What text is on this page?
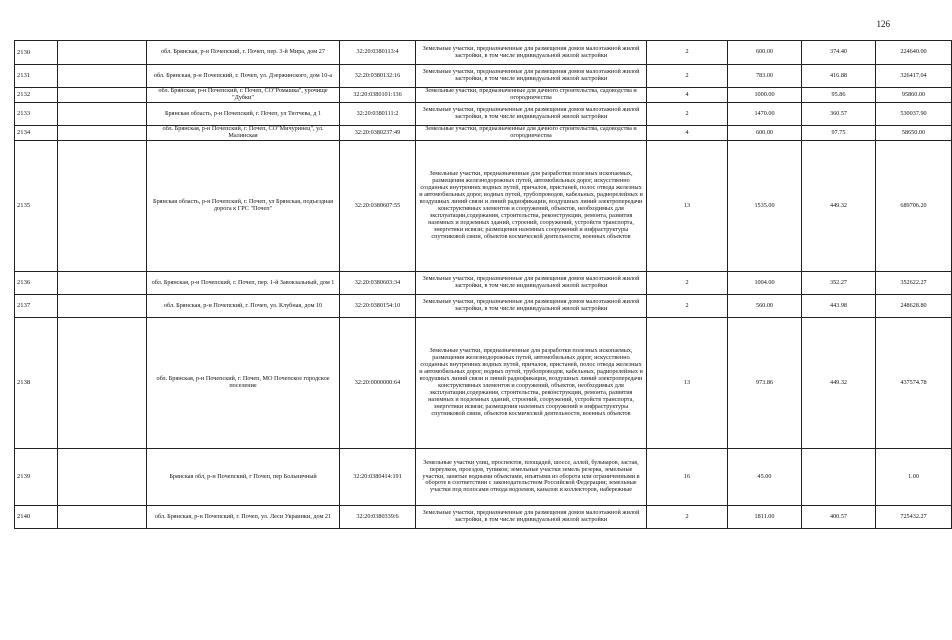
126
2130		обл. Брянская, р-н Почепский, г. Почеп, пер. 3-й Мира, дом 27	32:20:0380113:4	Земельные участки, предназначенные для размещения домов малоэтажной жилой застройки, в том числе индивидуальной жилой застройки	2	600.00	374.40	224640.00
2131		обл. Брянская, р-н Почепский, г. Почеп, ул. Дзержинского, дом 10-а	32:20:0380132:16	Земельные участки, предназначенные для размещения домов малоэтажной жилой застройки, в том числе индивидуальной жилой застройки	2	783.00	416.88	326417.04
2132		обл. Брянская, р-н Почепский, г. Почеп, СО"Ромашка", урочище "Дубки"	32:20:0380101:136	Земельные участки, предназначенные для дачного строительства, садоводства и огородничества	4	1000.00	95.86	95860.00
2133		Брянская область, р-н Почепский, г. Почеп, ул Тютчева, д 1	32:20:0380111:2	Земельные участки, предназначенные для размещения домов малоэтажной жилой застройки, в том числе индивидуальной жилой застройки	2	1470.00	360.57	530037.90
2134		обл. Брянская, р-н Почепский, г. Почеп, СО"Мичуринец", ул. Малинская	32:20:0380237:49	Земельные участки, предназначенные для дачного строительства, садоводства и огородничества	4	600.00	97.75	58650.00
2135		Брянская область, р-н Почепский, г. Почеп, ул Брянская, подъездная дорога к ГРС "Почеп"	32:20:0380607:55	Земельные участки, предназначенные для разработки полезных ископаемых, размещения железнодорожных путей, автомобильных дорог, искусственно созданных внутренних водных путей, причалов, пристаней, полос отвода железных и автомобильных дорог, водных путей, трубопроводов, кабельных, радиорелейных и воздушных линий связи и линий радиофикации, воздушных линий электропередачи конструктивных элементов и сооружений, объектов, необходимых для эксплуатации,содержания, строительства, реконструкции, ремонта, развития наземных и подземных зданий, строений, сооружений, устройств транспорта, энергетики исвязи; размещения наземных сооружений и инфраструктуры спутниковой связи, объектов космической деятельности, военных объектов	13	1535.00	449.32	689706.20
2136		обл. Брянская, р-н Почепский, г. Почеп, пер. 1-й Завокзальный, дом 1	32:20:0380603:34	Земельные участки, предназначенные для размещения домов малоэтажной жилой застройки, в том числе индивидуальной жилой застройки	2	1004.00	352.27	352622.27
2137		обл. Брянская, р-н Почепский, г. Почеп, ул. Клубная, дом 10	32:20:0380154:10	Земельные участки, предназначенные для размещения домов малоэтажной жилой застройки, в том числе индивидуальной жилой застройки	2	560.00	443.98	248628.80
2138		обл. Брянская, р-н Почепский, г. Почеп, МО Почепское городское поселение	32:20:0000000:64	Земельные участки, предназначенные для разработки полезных ископаемых, размещения железнодорожных путей, автомобильных дорог, искусственно созданных внутренних водных путей, причалов, пристаней, полос отвода железных и автомобильных дорог, водных путей, трубопроводов, кабельных, радиорелейных и воздушных линий связи и линий радиофикации, воздушных линий электропередачи конструктивных элементов и сооружений, объектов, необходимых для эксплуатации,содержания, строительства, реконструкции, ремонта, развития наземных и подземных зданий, строений, сооружений, устройств транспорта, энергетики исвязи; размещения наземных сооружений и инфраструктуры спутниковой связи, объектов космической деятельности, военных объектов	13	973.86	449.32	437574.78
2139		Брянская обл, р-н Почепский, г Почеп, пер Больничный	32:20:0380414:191	Земельные участки улиц, проспектов, площадей, шоссе, аллей, бульваров, застав, переулков, проездов, тупиков; земельные участки земель резерва, земельные участки, занятые водными объектами, изъятыми из оборота или ограниченными в обороте в соответствии с законодательством Российской Федерации; земельные участки под полосами отвода водоемов, каналов и коллекторов, набережные	16	45.00		1.00
2140		обл. Брянская, р-н Почепский, г. Почеп, ул. Леси Украинки, дом 21	32:20:0380339:6	Земельные участки, предназначенные для размещения домов малоэтажной жилой застройки, в том числе индивидуальной жилой застройки	2	1811.00	400.57	725432.27
